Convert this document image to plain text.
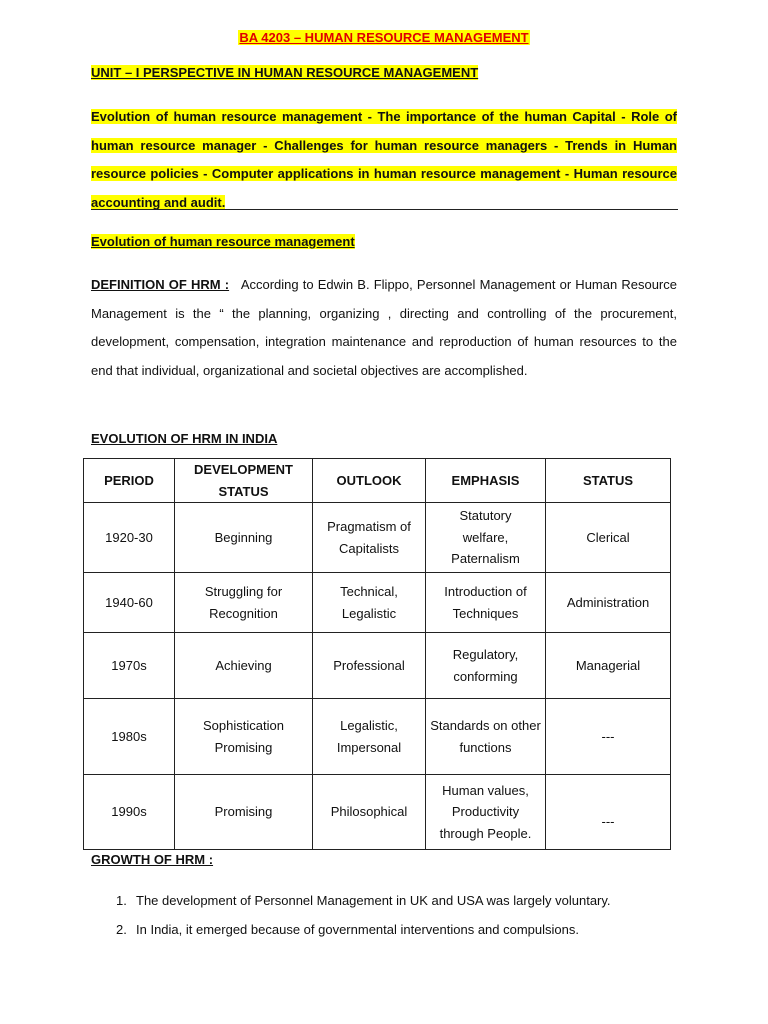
BA 4203 – HUMAN RESOURCE MANAGEMENT
UNIT – I PERSPECTIVE IN HUMAN RESOURCE MANAGEMENT
Evolution of human resource management - The importance of the human Capital - Role of human resource manager - Challenges for human resource managers - Trends in Human resource policies - Computer applications in human resource management - Human resource accounting and audit.
Evolution of human resource management
DEFINITION OF HRM : According to Edwin B. Flippo, Personnel Management or Human Resource Management is the “ the planning, organizing , directing and controlling of the procurement, development, compensation, integration maintenance and reproduction of human resources to the end that individual, organizational and societal objectives are accomplished.
EVOLUTION OF HRM IN INDIA
PERIOD	DEVELOPMENT STATUS	OUTLOOK	EMPHASIS	STATUS
1920-30	Beginning	Pragmatism of Capitalists	Statutory welfare, Paternalism	Clerical
1940-60	Struggling for Recognition	Technical, Legalistic	Introduction of Techniques	Administration
1970s	Achieving	Professional	Regulatory, conforming	Managerial
1980s	Sophistication Promising	Legalistic, Impersonal	Standards on other functions	---
1990s	Promising	Philosophical	Human values, Productivity through People.	---
GROWTH OF HRM :
1. The development of Personnel Management in UK and USA was largely voluntary.
2. In India, it emerged because of governmental interventions and compulsions.
